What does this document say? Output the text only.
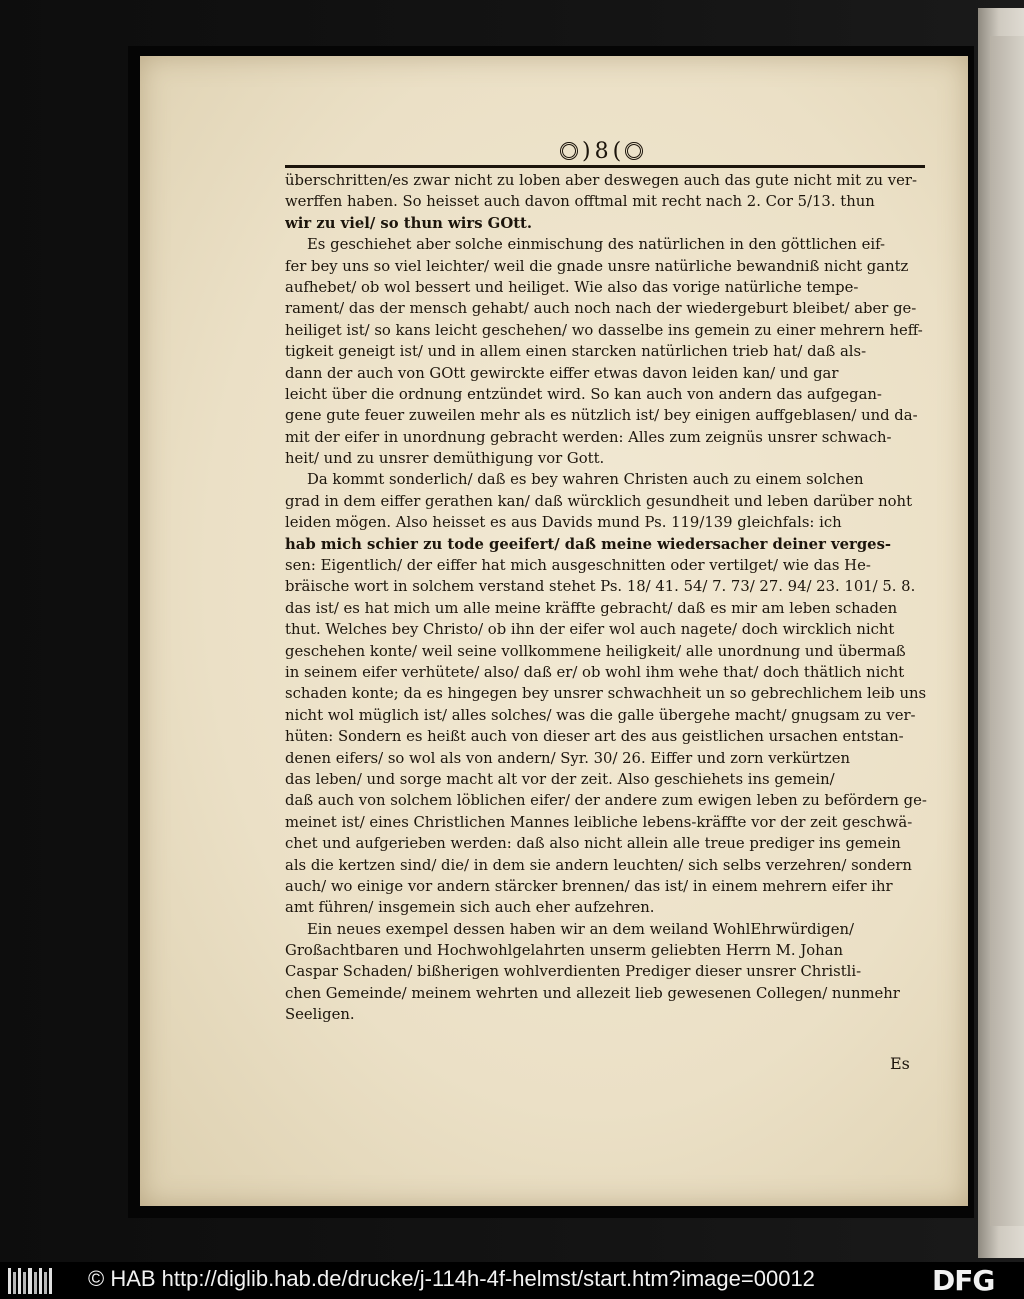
) 8 (
überschritten/es zwar nicht zu loben aber deswegen auch das gute nicht mit zu ver-
werffen haben. So heisset auch davon offtmal mit recht nach 2. Cor 5/13. thun
wir zu viel/ so thun wirs GOtt.
Es geschiehet aber solche einmischung des natürlichen in den göttlichen eif-
fer bey uns so viel leichter/ weil die gnade unsre natürliche bewandniß nicht gantz
aufhebet/ ob wol bessert und heiliget. Wie also das vorige natürliche tempe-
rament/ das der mensch gehabt/ auch noch nach der wiedergeburt bleibet/ aber ge-
heiliget ist/ so kans leicht geschehen/ wo dasselbe ins gemein zu einer mehrern heff-
tigkeit geneigt ist/ und in allem einen starcken natürlichen trieb hat/ daß als-
dann der auch von GOtt gewirckte eiffer etwas davon leiden kan/ und gar
leicht über die ordnung entzündet wird. So kan auch von andern das aufgegan-
gene gute feuer zuweilen mehr als es nützlich ist/ bey einigen auffgeblasen/ und da-
mit der eifer in unordnung gebracht werden: Alles zum zeignüs unsrer schwach-
heit/ und zu unsrer demüthigung vor Gott.
Da kommt sonderlich/ daß es bey wahren Christen auch zu einem solchen
grad in dem eiffer gerathen kan/ daß würcklich gesundheit und leben darüber noht
leiden mögen. Also heisset es aus Davids mund Ps. 119/139 gleichfals: ich
hab mich schier zu tode geeifert/ daß meine wiedersacher deiner verges-
sen: Eigentlich/ der eiffer hat mich ausgeschnitten oder vertilget/ wie das He-
bräische wort in solchem verstand stehet Ps. 18/ 41. 54/ 7. 73/ 27. 94/ 23. 101/ 5. 8.
das ist/ es hat mich um alle meine kräffte gebracht/ daß es mir am leben schaden
thut. Welches bey Christo/ ob ihn der eifer wol auch nagete/ doch wircklich nicht
geschehen konte/ weil seine vollkommene heiligkeit/ alle unordnung und übermaß
in seinem eifer verhütete/ also/ daß er/ ob wohl ihm wehe that/ doch thätlich nicht
schaden konte; da es hingegen bey unsrer schwachheit un so gebrechlichem leib uns
nicht wol müglich ist/ alles solches/ was die galle übergehe macht/ gnugsam zu ver-
hüten: Sondern es heißt auch von dieser art des aus geistlichen ursachen entstan-
denen eifers/ so wol als von andern/ Syr. 30/ 26. Eiffer und zorn verkürtzen
das leben/ und sorge macht alt vor der zeit. Also geschiehets ins gemein/
daß auch von solchem löblichen eifer/ der andere zum ewigen leben zu befördern ge-
meinet ist/ eines Christlichen Mannes leibliche lebens-kräffte vor der zeit geschwä-
chet und aufgerieben werden: daß also nicht allein alle treue prediger ins gemein
als die kertzen sind/ die/ in dem sie andern leuchten/ sich selbs verzehren/ sondern
auch/ wo einige vor andern stärcker brennen/ das ist/ in einem mehrern eifer ihr
amt führen/ insgemein sich auch eher aufzehren.
Ein neues exempel dessen haben wir an dem weiland WohlEhrwürdigen/
Großachtbaren und Hochwohlgelahrten unserm geliebten Herrn M. Johan
Caspar Schaden/ bißherigen wohlverdienten Prediger dieser unsrer Christli-
chen Gemeinde/ meinem wehrten und allezeit lieb gewesenen Collegen/ nunmehr
Seeligen.
Es
© HAB http://diglib.hab.de/drucke/j-114h-4f-helmst/start.htm?image=00012	DFG
